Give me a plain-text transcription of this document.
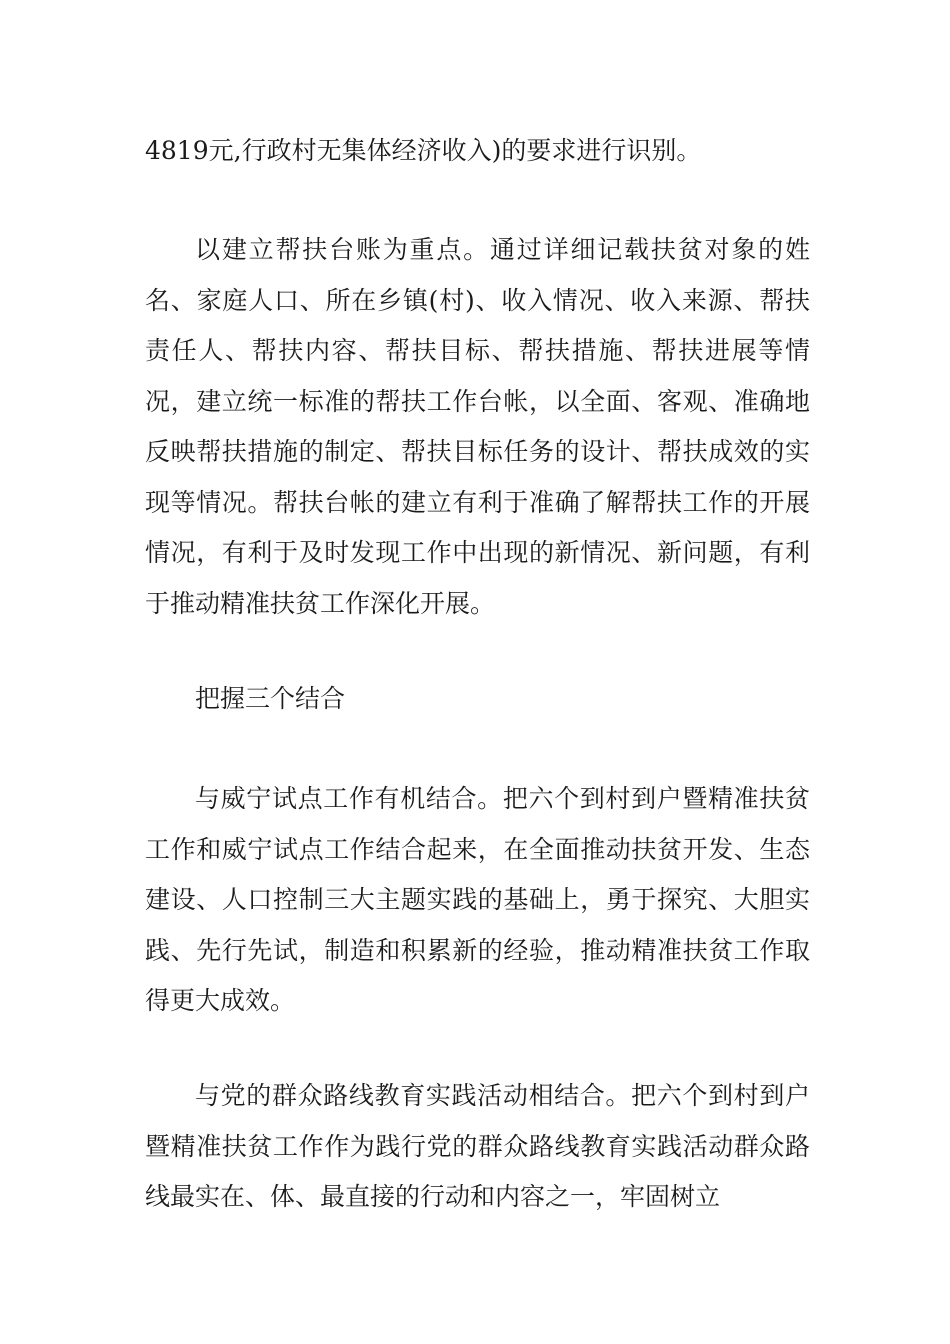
4819元,行政村无集体经济收入)的要求进行识别。

以建立帮扶台账为重点。通过详细记载扶贫对象的姓名、家庭人口、所在乡镇(村)、收入情况、收入来源、帮扶责任人、帮扶内容、帮扶目标、帮扶措施、帮扶进展等情况，建立统一标准的帮扶工作台帐，以全面、客观、准确地反映帮扶措施的制定、帮扶目标任务的设计、帮扶成效的实现等情况。帮扶台帐的建立有利于准确了解帮扶工作的开展情况，有利于及时发现工作中出现的新情况、新问题，有利于推动精准扶贫工作深化开展。

把握三个结合

与威宁试点工作有机结合。把六个到村到户暨精准扶贫工作和威宁试点工作结合起来，在全面推动扶贫开发、生态建设、人口控制三大主题实践的基础上，勇于探究、大胆实践、先行先试，制造和积累新的经验，推动精准扶贫工作取得更大成效。

与党的群众路线教育实践活动相结合。把六个到村到户暨精准扶贫工作作为践行党的群众路线教育实践活动群众路线最实在、体、最直接的行动和内容之一，牢固树立
